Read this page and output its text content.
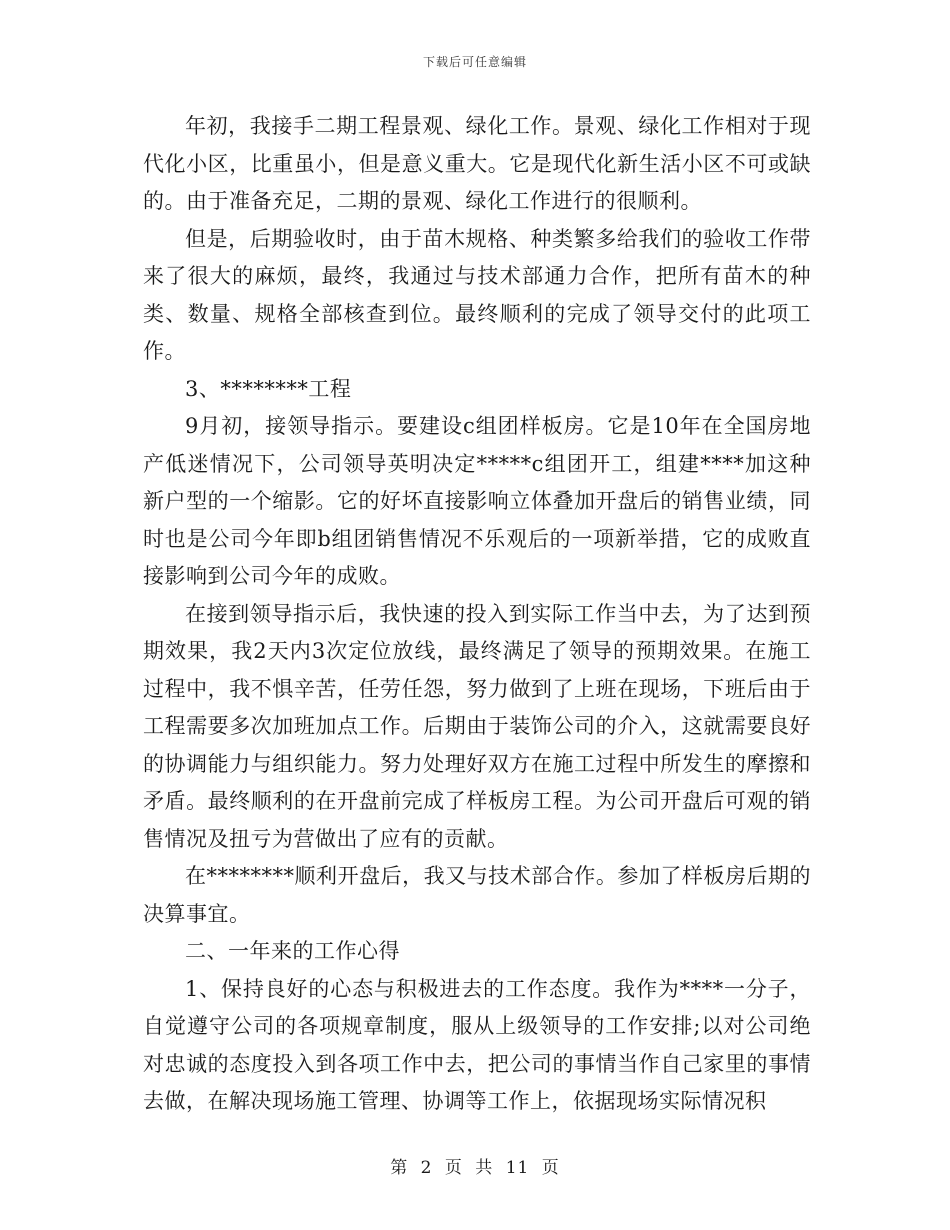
下载后可任意编辑

年初，我接手二期工程景观、绿化工作。景观、绿化工作相对于现代化小区，比重虽小，但是意义重大。它是现代化新生活小区不可或缺的。由于准备充足，二期的景观、绿化工作进行的很顺利。

但是，后期验收时，由于苗木规格、种类繁多给我们的验收工作带来了很大的麻烦，最终，我通过与技术部通力合作，把所有苗木的种类、数量、规格全部核查到位。最终顺利的完成了领导交付的此项工作。

3、********工程

9月初，接领导指示。要建设c组团样板房。它是10年在全国房地产低迷情况下，公司领导英明决定*****c组团开工，组建****加这种新户型的一个缩影。它的好坏直接影响立体叠加开盘后的销售业绩，同时也是公司今年即b组团销售情况不乐观后的一项新举措，它的成败直接影响到公司今年的成败。

在接到领导指示后，我快速的投入到实际工作当中去，为了达到预期效果，我2天内3次定位放线，最终满足了领导的预期效果。在施工过程中，我不惧辛苦，任劳任怨，努力做到了上班在现场，下班后由于工程需要多次加班加点工作。后期由于装饰公司的介入，这就需要良好的协调能力与组织能力。努力处理好双方在施工过程中所发生的摩擦和矛盾。最终顺利的在开盘前完成了样板房工程。为公司开盘后可观的销售情况及扭亏为营做出了应有的贡献。

在********顺利开盘后，我又与技术部合作。参加了样板房后期的决算事宜。

二、一年来的工作心得

1、保持良好的心态与积极进去的工作态度。我作为****一分子，自觉遵守公司的各项规章制度，服从上级领导的工作安排;以对公司绝对忠诚的态度投入到各项工作中去，把公司的事情当作自己家里的事情去做，在解决现场施工管理、协调等工作上，依据现场实际情况积

第 2 页 共 11 页
